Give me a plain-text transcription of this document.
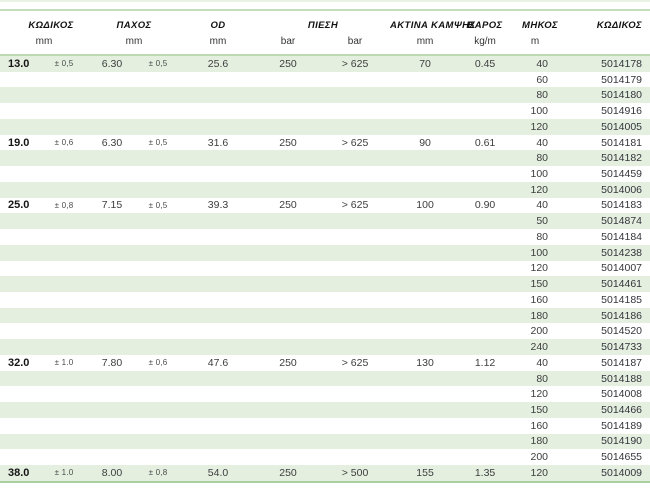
ΚΩΔΙΚΟΣ		ΠΑΧΟΣ		OD	ΠΙΕΣΗ		ΑΚΤΙΝΑ ΚΑΜΨΗΣ	ΒΑΡΟΣ	ΜΗΚΟΣ	ΚΩΔΙΚΟΣ
mm		mm		mm	bar	bar	mm	kg/m	m	

13.0	± 0,5	6.30	± 0,5	25.6	250	> 625	70	0.45	40	5014178
									60	5014179
									80	5014180
									100	5014916
									120	5014005
19.0	± 0,6	6.30	± 0,5	31.6	250	> 625	90	0.61	40	5014181
									80	5014182
									100	5014459
									120	5014006
25.0	± 0,8	7.15	± 0,5	39.3	250	> 625	100	0.90	40	5014183
									50	5014874
									80	5014184
									100	5014238
									120	5014007
									150	5014461
									160	5014185
									180	5014186
									200	5014520
									240	5014733
32.0	± 1.0	7.80	± 0,6	47.6	250	> 625	130	1.12	40	5014187
									80	5014188
									120	5014008
									150	5014466
									160	5014189
									180	5014190
									200	5014655
38.0	± 1.0	8.00	± 0,8	54.0	250	> 500	155	1.35	120	5014009
